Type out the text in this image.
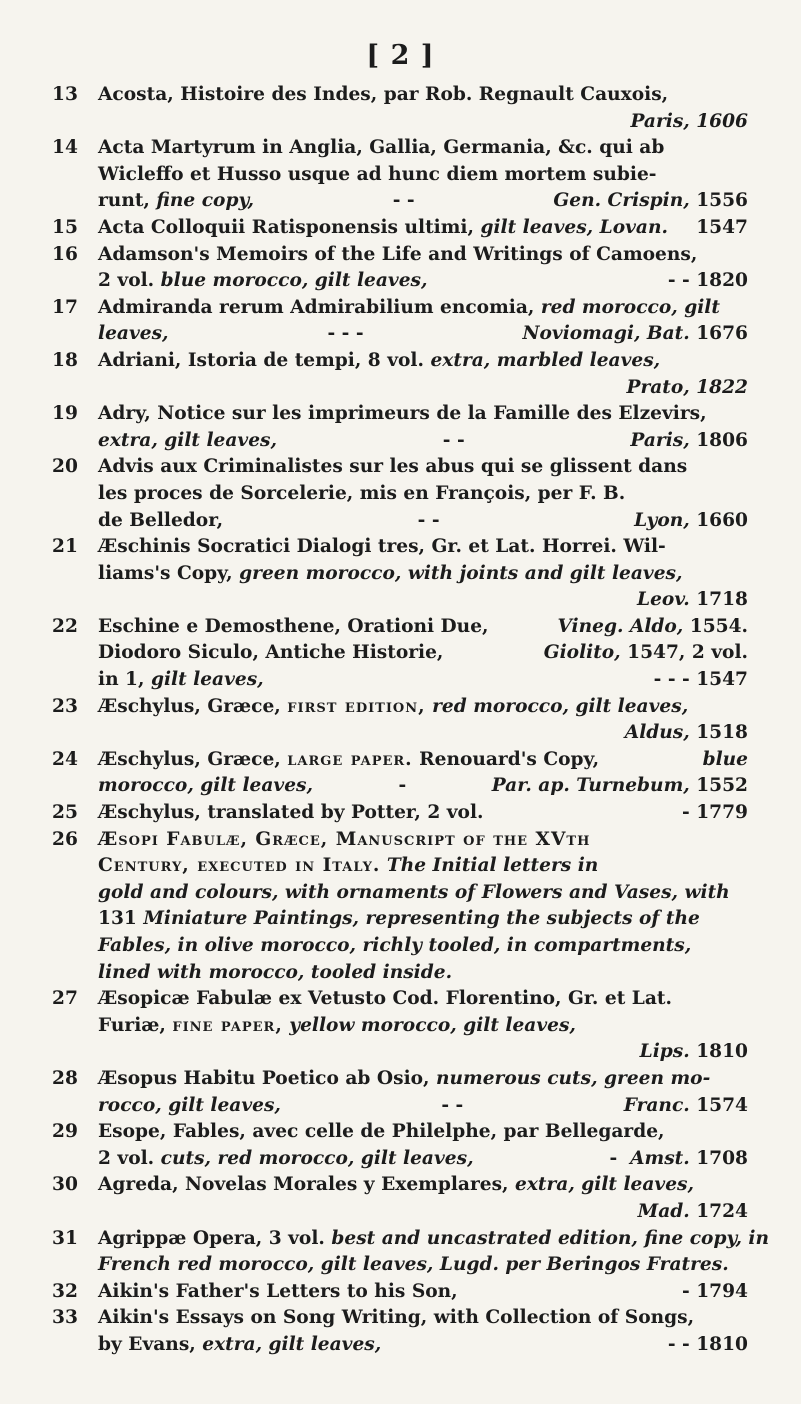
[ 2 ]
13 Acosta, Histoire des Indes, par Rob. Regnault Cauxois,
Paris, 1606
14 Acta Martyrum in Anglia, Gallia, Germania, &c. qui ab
Wicleffo et Husso usque ad hunc diem mortem subie-
runt, fine copy,	- -	Gen. Crispin, 1556
15 Acta Colloquii Ratisponensis ultimi, gilt leaves, Lovan. 1547
16 Adamson's Memoirs of the Life and Writings of Camoens,
2 vol. blue morocco, gilt leaves,	- - 1820
17 Admiranda rerum Admirabilium encomia, red morocco, gilt
leaves,	- - -	Noviomagi, Bat. 1676
18 Adriani, Istoria de tempi, 8 vol. extra, marbled leaves,
Prato, 1822
19 Adry, Notice sur les imprimeurs de la Famille des Elzevirs,
extra, gilt leaves,	- -	Paris, 1806
20 Advis aux Criminalistes sur les abus qui se glissent dans
les proces de Sorcelerie, mis en François, per F. B.
de Belledor,	- -	Lyon, 1660
21 Æschinis Socratici Dialogi tres, Gr. et Lat. Horrei. Wil-
liams's Copy, green morocco, with joints and gilt leaves,
Leov. 1718
22 Eschine e Demosthene, Orationi Due,	Vineg. Aldo, 1554.
Diodoro Siculo, Antiche Historie,	Giolito, 1547, 2 vol.
in 1, gilt leaves,	- - - 1547
23 Æschylus, Græce, first edition, red morocco, gilt leaves,
Aldus, 1518
24 Æschylus, Græce, large paper. Renouard's Copy,	blue
morocco, gilt leaves,	-	Par. ap. Turnebum, 1552
25 Æschylus, translated by Potter, 2 vol.	- 1779
26 Æsopi Fabulæ, Græce, Manuscript of the XVth
Century, executed in Italy. The Initial letters in
gold and colours, with ornaments of Flowers and Vases, with
131 Miniature Paintings, representing the subjects of the
Fables, in olive morocco, richly tooled, in compartments,
lined with morocco, tooled inside.
27 Æsopicæ Fabulæ ex Vetusto Cod. Florentino, Gr. et Lat.
Furiæ, fine paper, yellow morocco, gilt leaves,
Lips. 1810
28 Æsopus Habitu Poetico ab Osio, numerous cuts, green mo-
rocco, gilt leaves,	- -	Franc. 1574
29 Esope, Fables, avec celle de Philelphe, par Bellegarde,
2 vol. cuts, red morocco, gilt leaves,	- Amst. 1708
30 Agreda, Novelas Morales y Exemplares, extra, gilt leaves,
Mad. 1724
31 Agrippæ Opera, 3 vol. best and uncastrated edition, fine copy, in
French red morocco, gilt leaves, Lugd. per Beringos Fratres.
32 Aikin's Father's Letters to his Son,	- 1794
33 Aikin's Essays on Song Writing, with Collection of Songs,
by Evans, extra, gilt leaves,	- - 1810
